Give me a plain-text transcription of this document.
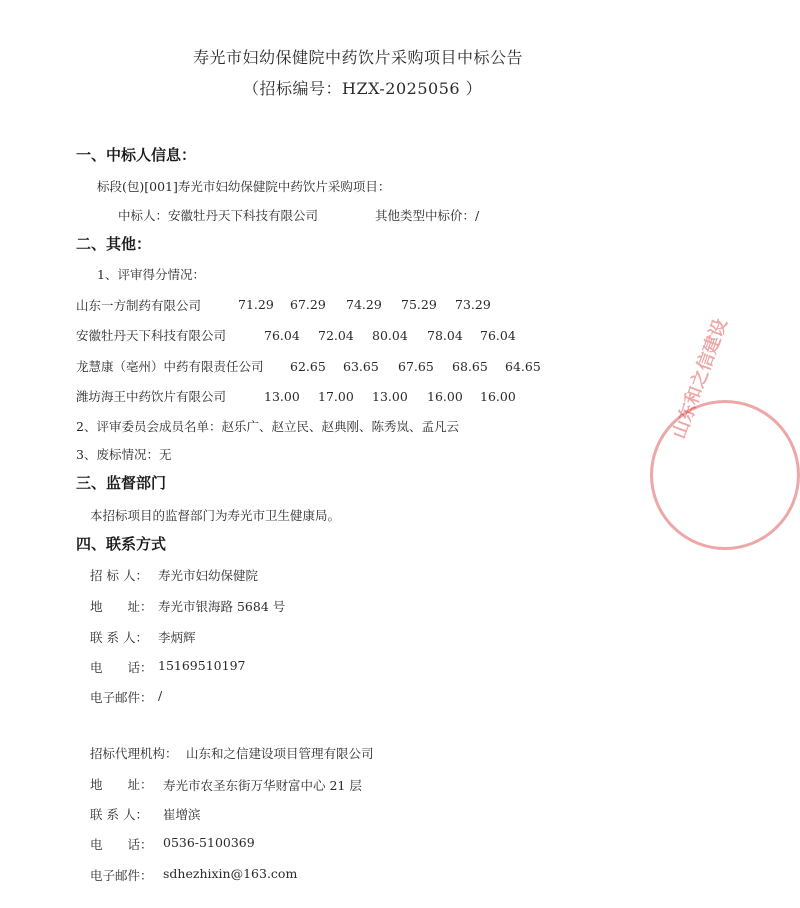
寿光市妇幼保健院中药饮片采购项目中标公告
（招标编号：HZX-2025056 ）
一、中标人信息：
标段(包)[001]寿光市妇幼保健院中药饮片采购项目：
中标人：安徽牡丹天下科技有限公司	其他类型中标价：/
二、其他：
1、评审得分情况：
山东一方制药有限公司	71.29 67.29 74.29 75.29 73.29
安徽牡丹天下科技有限公司	76.04 72.04 80.04 78.04 76.04
龙慧康（亳州）中药有限责任公司 62.65 63.65 67.65 68.65 64.65
潍坊海王中药饮片有限公司	13.00 17.00 13.00 16.00 16.00
2、评审委员会成员名单：赵乐广、赵立民、赵典刚、陈秀岚、孟凡云
3、废标情况：无
三、监督部门
本招标项目的监督部门为寿光市卫生健康局。
四、联系方式
招 标 人： 寿光市妇幼保健院
地　　址： 寿光市银海路 5684 号
联 系 人： 李炳辉
电　　话： 15169510197
电子邮件： /
招标代理机构： 山东和之信建设项目管理有限公司
地　　址： 寿光市农圣东街万华财富中心 21 层
联 系 人： 崔增滨
电　　话： 0536-5100369
电子邮件： sdhezhixin@163.com
山东和之信建设
